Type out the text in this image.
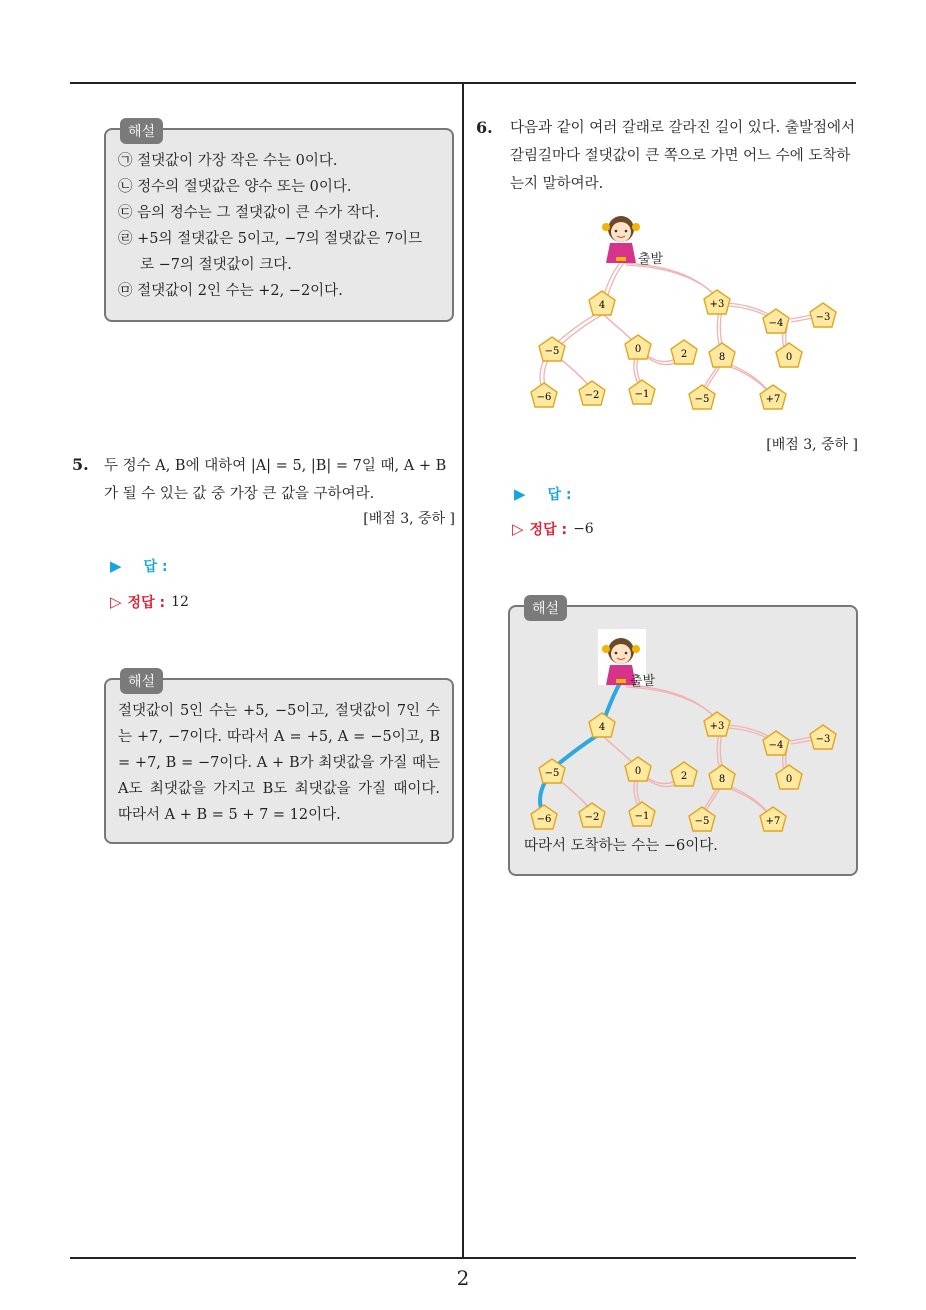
해설
㉠ 절댓값이 가장 작은 수는 0이다.
㉡ 정수의 절댓값은 양수 또는 0이다.
㉢ 음의 정수는 그 절댓값이 큰 수가 작다.
㉣ +5의 절댓값은 5이고, −7의 절댓값은 7이므
로 −7의 절댓값이 크다.
㉤ 절댓값이 2인 수는 +2, −2이다.
5. 두 정수 A, B에 대하여 |A| = 5, |B| = 7일 때, A + B가 될 수 있는 값 중 가장 큰 값을 구하여라.
[배점 3, 중하 ]
▶ 답 :
▷ 정답 : 12
해설
절댓값이 5인 수는 +5, −5이고, 절댓값이 7인 수는 +7, −7이다. 따라서 A = +5, A = −5이고, B = +7, B = −7이다. A + B가 최댓값을 가질 때는 A도 최댓값을 가지고 B도 최댓값을 가질 때이다. 따라서 A + B = 5 + 7 = 12이다.
6. 다음과 같이 여러 갈래로 갈라진 길이 있다. 출발점에서 갈림길마다 절댓값이 큰 쪽으로 가면 어느 수에 도착하는지 말하여라.
출발
4	+3
−4
−3
−5	0	2	8	0
−6	−2	−1	−5	+7
[배점 3, 중하 ]
▶ 답 :
▷ 정답 : −6
해설
출발
4	+3
−4
−3
−5	0	2	8	0
−6	−2	−1	−5	+7
따라서 도착하는 수는 −6이다.
2
